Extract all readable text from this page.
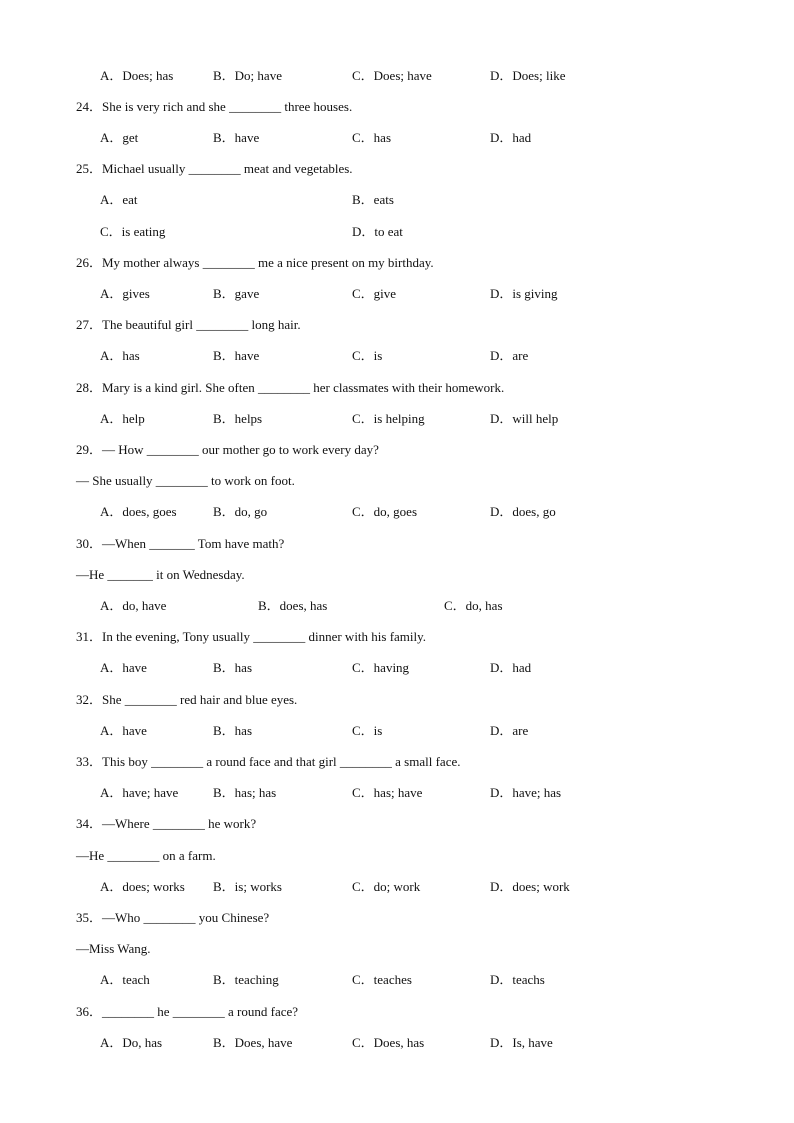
A．Does; has	B．Do; have	C．Does; have	D．Does; like
24．She is very rich and she ________ three houses.
A．get	B．have	C．has	D．had
25．Michael usually ________ meat and vegetables.
A．eat	B．eats
C．is eating	D．to eat
26．My mother always ________ me a nice present on my birthday.
A．gives	B．gave	C．give	D．is giving
27．The beautiful girl ________ long hair.
A．has	B．have	C．is	D．are
28．Mary is a kind girl. She often ________ her classmates with their homework.
A．help	B．helps	C．is helping	D．will help
29．— How ________ our mother go to work every day?
— She usually ________ to work on foot.
A．does, goes	B．do, go	C．do, goes	D．does, go
30．—When _______ Tom have math?
—He _______ it on Wednesday.
A．do, have	B．does, has	C．do, has
31．In the evening, Tony usually ________ dinner with his family.
A．have	B．has	C．having	D．had
32．She ________ red hair and blue eyes.
A．have	B．has	C．is	D．are
33．This boy ________ a round face and that girl ________ a small face.
A．have; have	B．has; has	C．has; have	D．have; has
34．—Where ________ he work?
—He ________ on a farm.
A．does; works B．is; works	C．do; work	D．does; work
35．—Who ________ you Chinese?
—Miss Wang.
A．teach	B．teaching	C．teaches	D．teachs
36．________ he ________ a round face?
A．Do, has	B．Does, have	C．Does, has	D．Is, have
